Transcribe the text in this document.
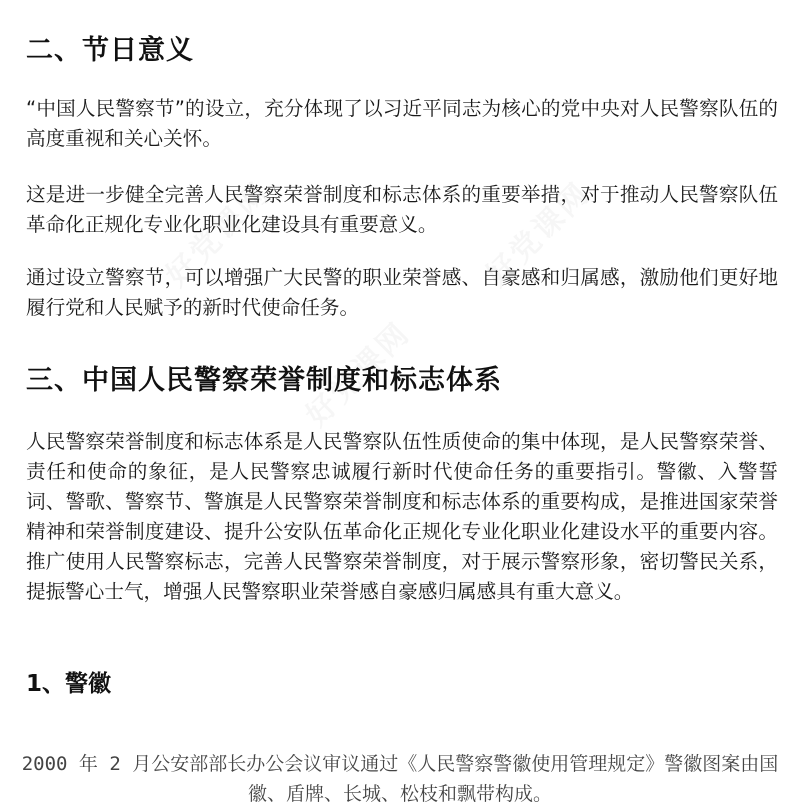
好党课网	好党课网
好党课网
二、节日意义

“中国人民警察节”的设立，充分体现了以习近平同志为核心的党中央对人民警察队伍的高度重视和关心关怀。

这是进一步健全完善人民警察荣誉制度和标志体系的重要举措，对于推动人民警察队伍革命化正规化专业化职业化建设具有重要意义。

通过设立警察节，可以增强广大民警的职业荣誉感、自豪感和归属感，激励他们更好地履行党和人民赋予的新时代使命任务。

三、中国人民警察荣誉制度和标志体系

人民警察荣誉制度和标志体系是人民警察队伍性质使命的集中体现，是人民警察荣誉、责任和使命的象征，是人民警察忠诚履行新时代使命任务的重要指引。警徽、入警誓词、警歌、警察节、警旗是人民警察荣誉制度和标志体系的重要构成，是推进国家荣誉精神和荣誉制度建设、提升公安队伍革命化正规化专业化职业化建设水平的重要内容。推广使用人民警察标志，完善人民警察荣誉制度，对于展示警察形象，密切警民关系，提振警心士气，增强人民警察职业荣誉感自豪感归属感具有重大意义。

1、警徽

2000 年 2 月公安部部长办公会议审议通过《人民警察警徽使用管理规定》警徽图案由国徽、盾牌、长城、松枝和飘带构成。
